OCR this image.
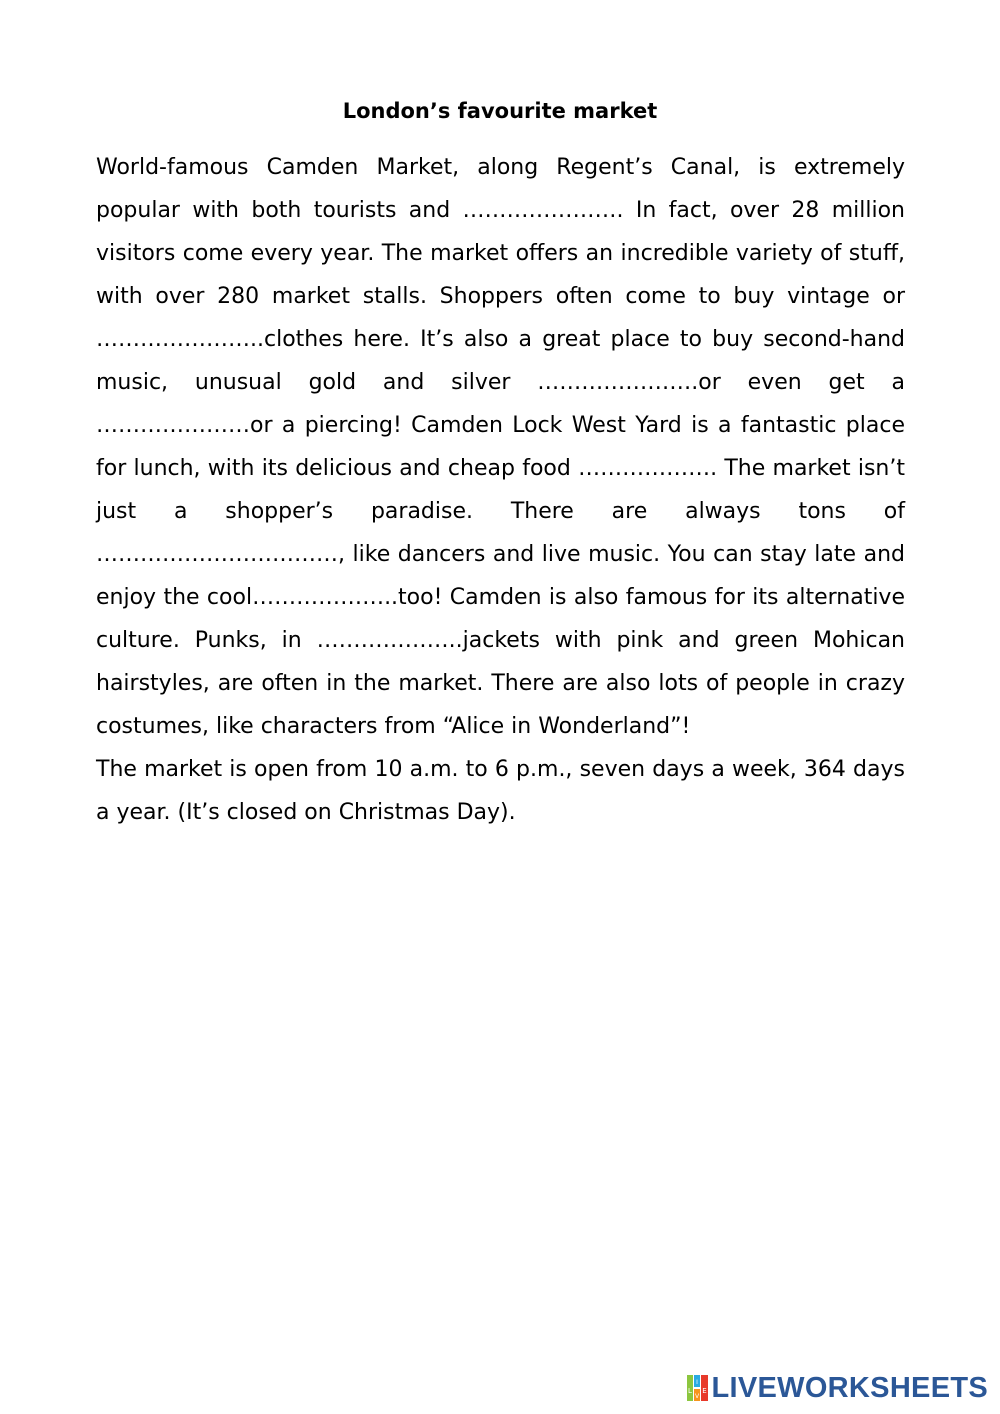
London’s favourite market

World-famous Camden Market, along Regent’s Canal, is extremely popular with both tourists and …………………. In fact, over 28 million visitors come every year. The market offers an incredible variety of stuff, with over 280 market stalls. Shoppers often come to buy vintage or …………………..clothes here. It’s also a great place to buy second-hand music, unusual gold and silver ………………….or even get a …………………or a piercing! Camden Lock West Yard is a fantastic place for lunch, with its delicious and cheap food ………………. The market isn’t just a shopper’s paradise. There are always tons of ……………………………, like dancers and live music. You can stay late and enjoy the cool………………..too! Camden is also famous for its alternative culture. Punks, in ………………..jackets with pink and green Mohican hairstyles, are often in the market. There are also lots of people in crazy costumes, like characters from “Alice in Wonderland”!

The market is open from 10 a.m. to 6 p.m., seven days a week, 364 days a year. (It’s closed on Christmas Day).

L
I
V
E LIVEWORKSHEETS
